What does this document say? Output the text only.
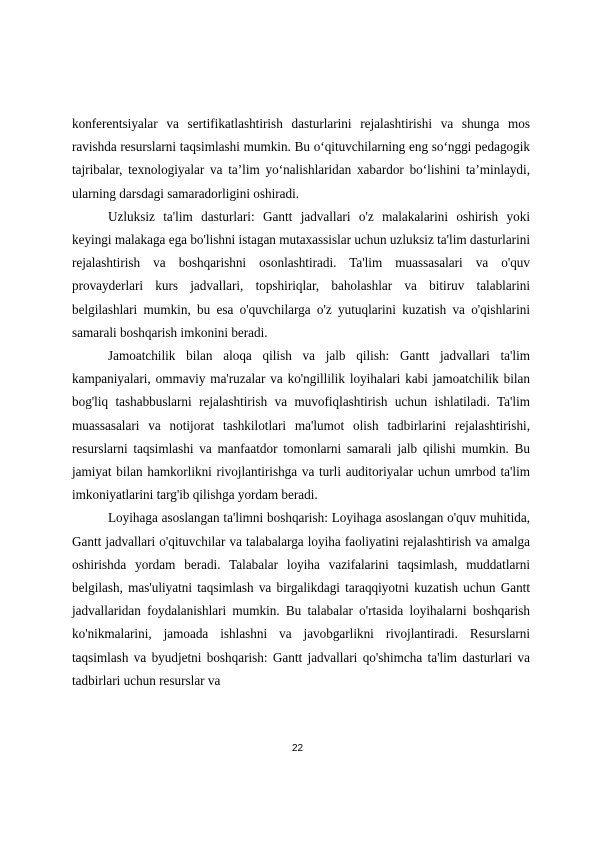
konferentsiyalar va sertifikatlashtirish dasturlarini rejalashtirishi va shunga mos ravishda resurslarni taqsimlashi mumkin. Bu o‘qituvchilarning eng so‘nggi pedagogik tajribalar, texnologiyalar va ta’lim yo‘nalishlaridan xabardor bo‘lishini ta’minlaydi, ularning darsdagi samaradorligini oshiradi.

Uzluksiz ta'lim dasturlari: Gantt jadvallari o'z malakalarini oshirish yoki keyingi malakaga ega bo'lishni istagan mutaxassislar uchun uzluksiz ta'lim dasturlarini rejalashtirish va boshqarishni osonlashtiradi. Ta'lim muassasalari va o'quv provayderlari kurs jadvallari, topshiriqlar, baholashlar va bitiruv talablarini belgilashlari mumkin, bu esa o'quvchilarga o'z yutuqlarini kuzatish va o'qishlarini samarali boshqarish imkonini beradi.

Jamoatchilik bilan aloqa qilish va jalb qilish: Gantt jadvallari ta'lim kampaniyalari, ommaviy ma'ruzalar va ko'ngillilik loyihalari kabi jamoatchilik bilan bog'liq tashabbuslarni rejalashtirish va muvofiqlashtirish uchun ishlatiladi. Ta'lim muassasalari va notijorat tashkilotlari ma'lumot olish tadbirlarini rejalashtirishi, resurslarni taqsimlashi va manfaatdor tomonlarni samarali jalb qilishi mumkin. Bu jamiyat bilan hamkorlikni rivojlantirishga va turli auditoriyalar uchun umrbod ta'lim imkoniyatlarini targ'ib qilishga yordam beradi.

Loyihaga asoslangan ta'limni boshqarish: Loyihaga asoslangan o'quv muhitida, Gantt jadvallari o'qituvchilar va talabalarga loyiha faoliyatini rejalashtirish va amalga oshirishda yordam beradi. Talabalar loyiha vazifalarini taqsimlash, muddatlarni belgilash, mas'uliyatni taqsimlash va birgalikdagi taraqqiyotni kuzatish uchun Gantt jadvallaridan foydalanishlari mumkin. Bu talabalar o'rtasida loyihalarni boshqarish ko'nikmalarini, jamoada ishlashni va javobgarlikni rivojlantiradi. Resurslarni taqsimlash va byudjetni boshqarish: Gantt jadvallari qo'shimcha ta'lim dasturlari va tadbirlari uchun resurslar va

22
